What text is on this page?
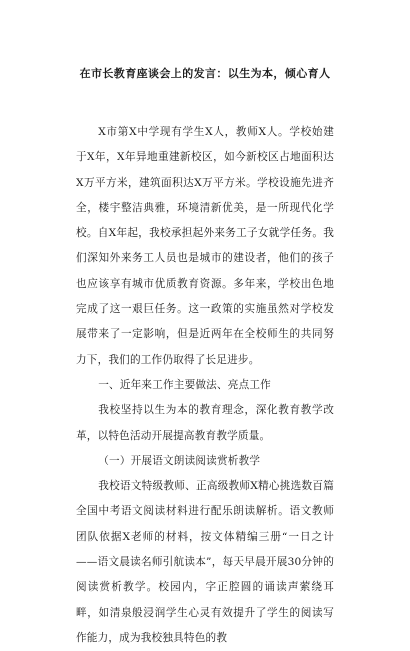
在市长教育座谈会上的发言：以生为本，倾心育人

X市第X中学现有学生X人，教师X人。学校始建于X年，X年异地重建新校区，如今新校区占地面积达X万平方米，建筑面积达X万平方米。学校设施先进齐全，楼宇整洁典雅，环境清新优美，是一所现代化学校。自X年起，我校承担起外来务工子女就学任务。我们深知外来务工人员也是城市的建设者，他们的孩子也应该享有城市优质教育资源。多年来，学校出色地完成了这一艰巨任务。这一政策的实施虽然对学校发展带来了一定影响，但是近两年在全校师生的共同努力下，我们的工作仍取得了长足进步。

一、近年来工作主要做法、亮点工作

我校坚持以生为本的教育理念，深化教育教学改革，以特色活动开展提高教育教学质量。

（一）开展语文朗读阅读赏析教学

我校语文特级教师、正高级教师X精心挑选数百篇全国中考语文阅读材料进行配乐朗读解析。语文教师团队依据X老师的材料，按文体精编三册“一日之计——语文晨读名师引航读本”，每天早晨开展30分钟的阅读赏析教学。校园内，字正腔圆的诵读声萦绕耳畔，如清泉般浸润学生心灵有效提升了学生的阅读写作能力，成为我校独具特色的教
